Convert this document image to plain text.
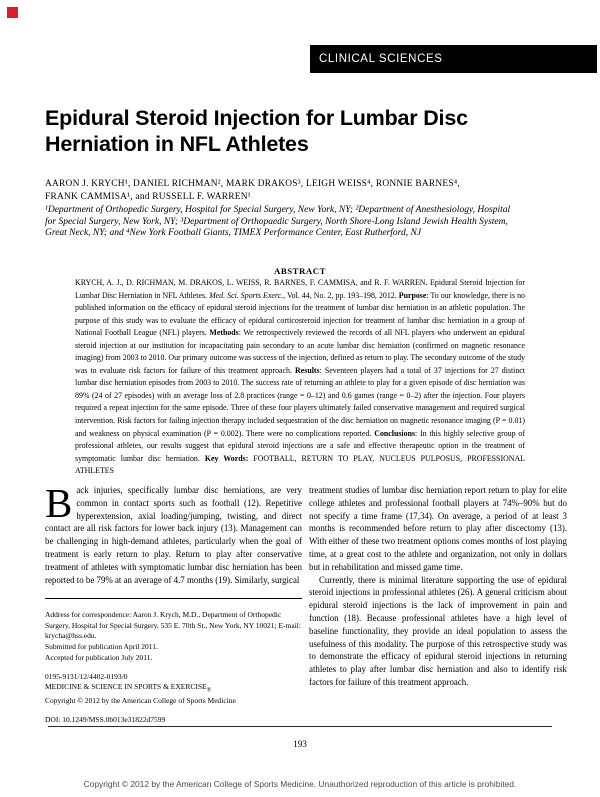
CLINICAL SCIENCES
Epidural Steroid Injection for Lumbar Disc
Herniation in NFL Athletes
AARON J. KRYCH¹, DANIEL RICHMAN², MARK DRAKOS³, LEIGH WEISS⁴, RONNIE BARNES⁴,
FRANK CAMMISA¹, and RUSSELL F. WARREN¹
¹Department of Orthopedic Surgery, Hospital for Special Surgery, New York, NY; ²Department of Anesthesiology, Hospital
for Special Surgery, New York, NY; ³Department of Orthopaedic Surgery, North Shore-Long Island Jewish Health System,
Great Neck, NY; and ⁴New York Football Giants, TIMEX Performance Center, East Rutherford, NJ
ABSTRACT

KRYCH, A. J., D. RICHMAN, M. DRAKOS, L. WEISS, R. BARNES, F. CAMMISA, and R. F. WARREN. Epidural Steroid Injection for Lumbar Disc Herniation in NFL Athletes. Med. Sci. Sports Exerc., Vol. 44, No. 2, pp. 193–198, 2012. Purpose: To our knowledge, there is no published information on the efficacy of epidural steroid injections for the treatment of lumbar disc herniation in an athletic population. The purpose of this study was to evaluate the efficacy of epidural corticosteroid injection for treatment of lumbar disc herniation in a group of National Football League (NFL) players. Methods: We retrospectively reviewed the records of all NFL players who underwent an epidural steroid injection at our institution for incapacitating pain secondary to an acute lumbar disc herniation (confirmed on magnetic resonance imaging) from 2003 to 2010. Our primary outcome was success of the injection, defined as return to play. The secondary outcome of the study was to evaluate risk factors for failure of this treatment approach. Results: Seventeen players had a total of 37 injections for 27 distinct lumbar disc herniation episodes from 2003 to 2010. The success rate of returning an athlete to play for a given episode of disc herniation was 89% (24 of 27 episodes) with an average loss of 2.8 practices (range = 0–12) and 0.6 games (range = 0–2) after the injection. Four players required a repeat injection for the same episode. Three of these four players ultimately failed conservative management and required surgical intervention. Risk factors for failing injection therapy included sequestration of the disc herniation on magnetic resonance imaging (P = 0.01) and weakness on physical examination (P = 0.002). There were no complications reported. Conclusions: In this highly selective group of professional athletes, our results suggest that epidural steroid injections are a safe and effective therapeutic option in the treatment of symptomatic lumbar disc herniation. Key Words: FOOTBALL, RETURN TO PLAY, NUCLEUS PULPOSUS, PROFESSIONAL ATHLETES

Back injuries, specifically lumbar disc herniations, are very common in contact sports such as football (12). Repetitive hyperextension, axial loading/jumping, twisting, and direct contact are all risk factors for lower back injury (13). Management can be challenging in high-demand athletes, particularly when the goal of treatment is early return to play. Return to play after conservative treatment of athletes with symptomatic lumbar disc herniation has been reported to be 79% at an average of 4.7 months (19). Similarly, surgical

Address for correspondence: Aaron J. Krych, M.D., Department of Orthopedic Surgery, Hospital for Special Surgery, 535 E. 70th St., New York, NY 10021; E-mail: krycha@hss.edu.

Submitted for publication April 2011.

Accepted for publication July 2011.

0195-9131/12/4402-0193/0

MEDICINE & SCIENCE IN SPORTS & $EXERCISE_®$

Copyright © 2012 by the American College of Sports Medicine

DOI: 10.1249/MSS.0b013e31822d7599

treatment studies of lumbar disc herniation report return to play for elite college athletes and professional football players at 74%–90% but do not specify a time frame (17,34). On average, a period of at least 3 months is recommended before return to play after discectomy (13). With either of these two treatment options comes months of lost playing time, at a great cost to the athlete and organization, not only in dollars but in rehabilitation and missed game time.

Currently, there is minimal literature supporting the use of epidural steroid injections in professional athletes (26). A general criticism about epidural steroid injections is the lack of improvement in pain and function (18). Because professional athletes have a high level of baseline functionality, they provide an ideal population to assess the usefulness of this modality. The purpose of this retrospective study was to demonstrate the efficacy of epidural steroid injections in returning athletes to play after lumbar disc herniation and also to identify risk factors for failure of this treatment approach.

193
Copyright © 2012 by the American College of Sports Medicine. Unauthorized reproduction of this article is prohibited.
